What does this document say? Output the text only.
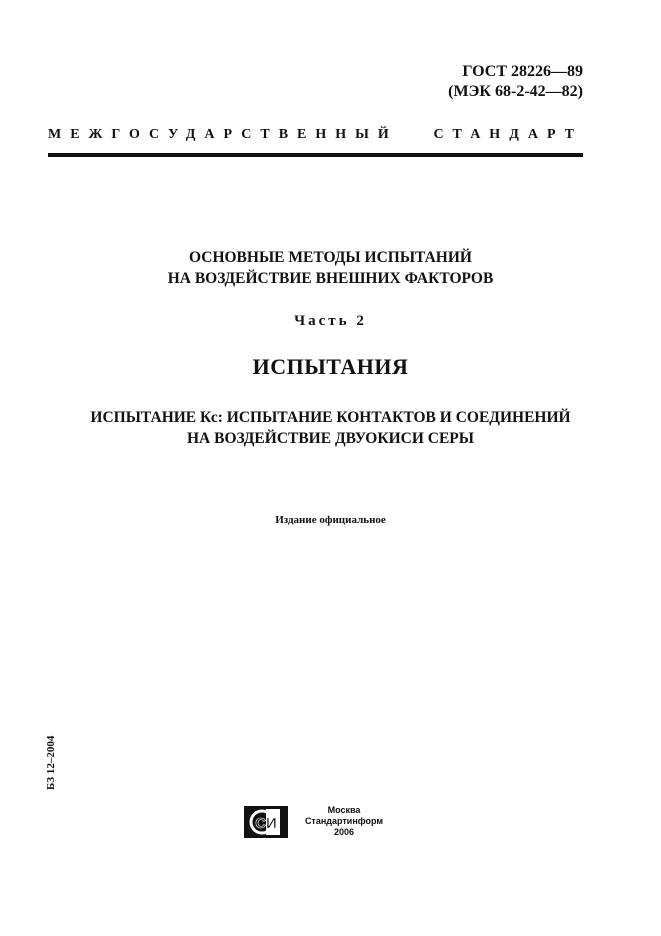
ГОСТ 28226—89
(МЭК 68-2-42—82)
МЕЖГОСУДАРСТВЕННЫЙ СТАНДАРТ
ОСНОВНЫЕ МЕТОДЫ ИСПЫТАНИЙ
НА ВОЗДЕЙСТВИЕ ВНЕШНИХ ФАКТОРОВ
Часть 2
ИСПЫТАНИЯ
ИСПЫТАНИЕ Кс: ИСПЫТАНИЕ КОНТАКТОВ И СОЕДИНЕНИЙ
НА ВОЗДЕЙСТВИЕ ДВУОКИСИ СЕРЫ
Издание официальное
БЗ 12–2004
СИ
Москва
Стандартинформ
2006
